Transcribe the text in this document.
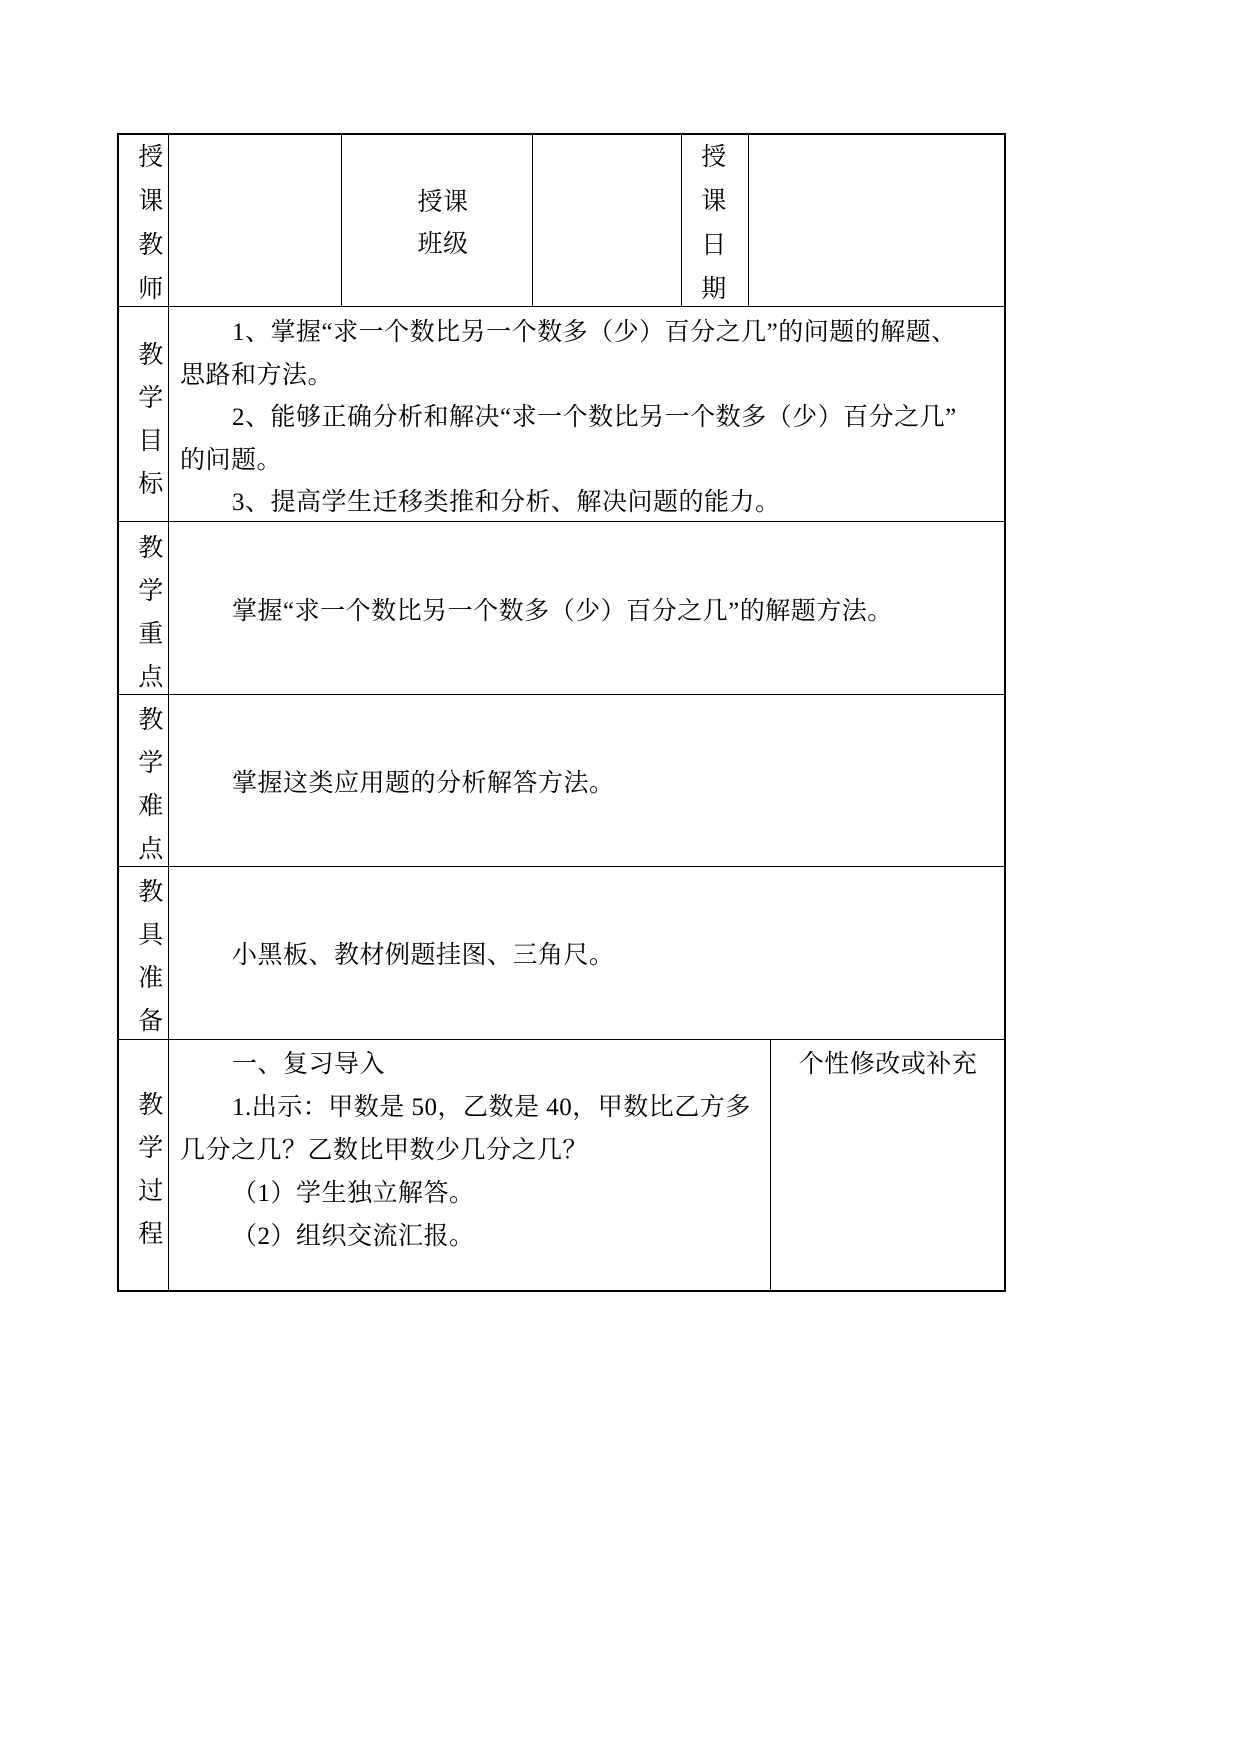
授课教师
授课班级
授课日期
教学目标
1、掌握“求一个数比另一个数多（少）百分之几”的问题的解题、
思路和方法。
2、能够正确分析和解决“求一个数比另一个数多（少）百分之几”
的问题。
3、提高学生迁移类推和分析、解决问题的能力。
教学重点
掌握“求一个数比另一个数多（少）百分之几”的解题方法。
教学难点
掌握这类应用题的分析解答方法。
教具准备
小黑板、教材例题挂图、三角尺。
教学过程
一、复习导入
1.出示：甲数是 50，乙数是 40，甲数比乙方多
几分之几？乙数比甲数少几分之几？
（1）学生独立解答。
（2）组织交流汇报。
个性修改或补充
